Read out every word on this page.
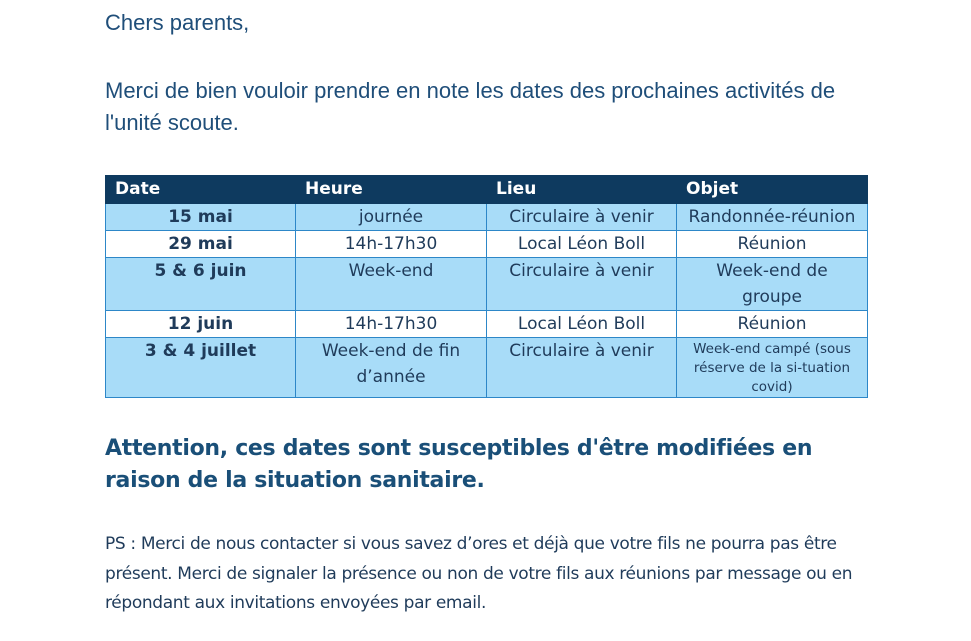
Chers parents,

Merci de bien vouloir prendre en note les dates des prochaines activités de l'unité scoute.

Date	Heure	Lieu	Objet
15 mai	journée	Circulaire à venir	Randonnée-réunion
29 mai	14h-17h30	Local Léon Boll	Réunion
5 & 6 juin	Week-end	Circulaire à venir	Week-end de groupe
12 juin	14h-17h30	Local Léon Boll	Réunion
3 & 4 juillet	Week-end de fin d’année	Circulaire à venir	Week-end campé (sous réserve de la si-tuation covid)

Attention, ces dates sont susceptibles d'être modifiées en raison de la situation sanitaire.

PS : Merci de nous contacter si vous savez d’ores et déjà que votre fils ne pourra pas être présent. Merci de signaler la présence ou non de votre fils aux réunions par message ou en répondant aux invitations envoyées par email.
